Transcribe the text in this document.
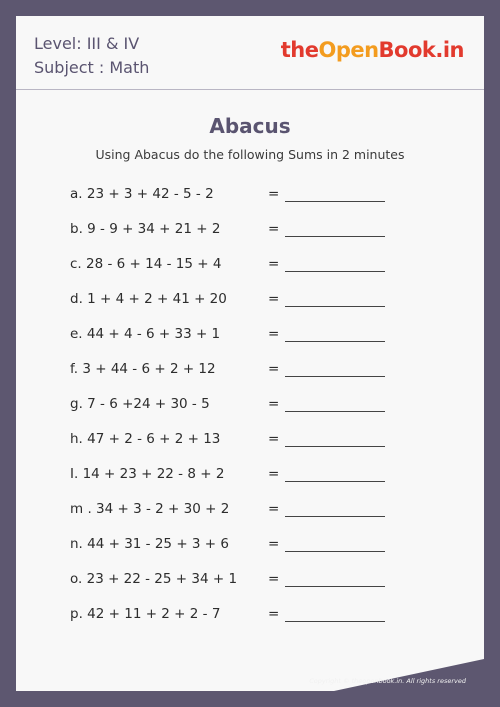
Level: III & IV
Subject : Math
theOpenBook.in
Abacus
Using Abacus do the following Sums in 2 minutes
a. 23 + 3 + 42 - 5 - 2	=
b. 9 - 9 + 34 + 21 + 2	=
c. 28 - 6 + 14 - 15 + 4	=
d. 1 + 4 + 2 + 41 + 20	=
e. 44 + 4 - 6 + 33 + 1	=
f. 3 + 44 - 6 + 2 + 12	=
g. 7 - 6 +24 + 30 - 5	=
h. 47 + 2 - 6 + 2 + 13	=
I. 14 + 23 + 22 - 8 + 2	=
m . 34 + 3 - 2 + 30 + 2	=
n. 44 + 31 - 25 + 3 + 6	=
o. 23 + 22 - 25 + 34 + 1 =
p. 42 + 11 + 2 + 2 - 7	=
Copyright © theopenbook.in. All rights reserved
